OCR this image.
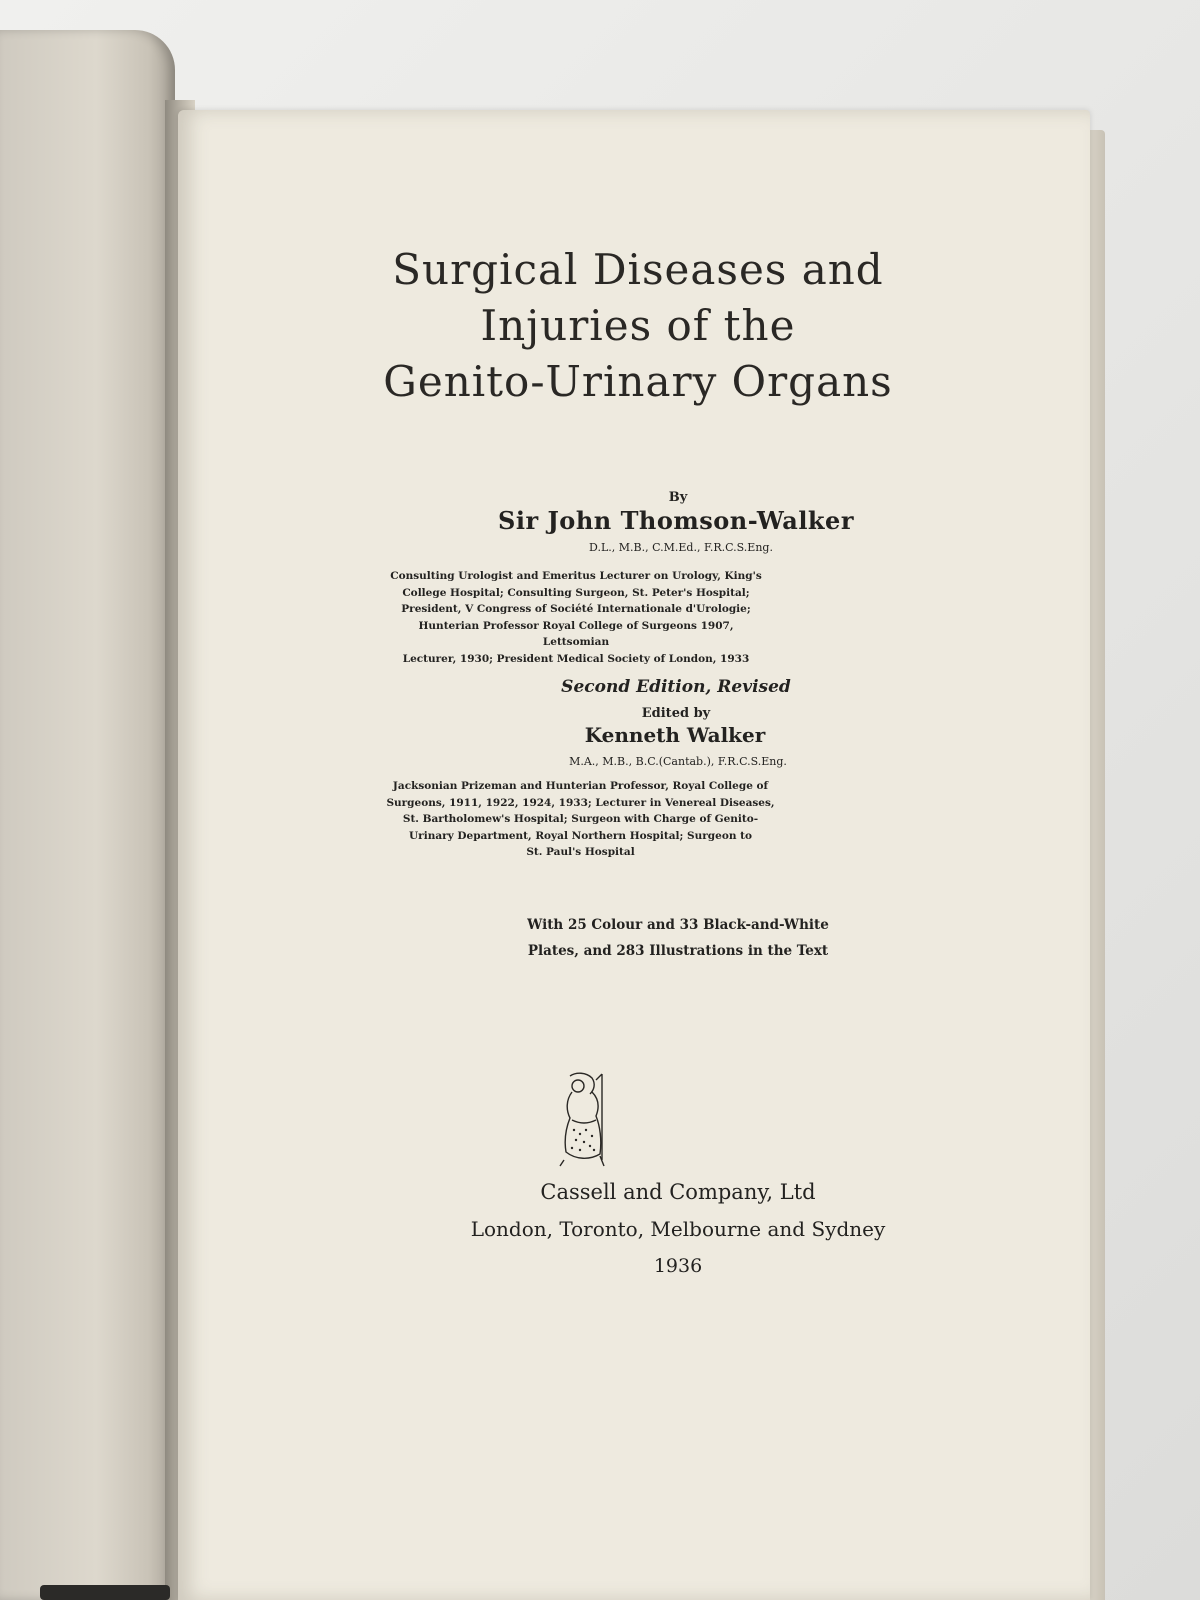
Surgical Diseases and
Injuries of the
Genito-Urinary Organs
By
Sir John Thomson-Walker
D.L., M.B., C.M.Ed., F.R.C.S.Eng.
Consulting Urologist and Emeritus Lecturer on Urology, King's
College Hospital; Consulting Surgeon, St. Peter's Hospital;
President, V Congress of Société Internationale d'Urologie;
Hunterian Professor Royal College of Surgeons 1907, Lettsomian
Lecturer, 1930; President Medical Society of London, 1933
Second Edition, Revised
Edited by
Kenneth Walker
M.A., M.B., B.C.(Cantab.), F.R.C.S.Eng.
Jacksonian Prizeman and Hunterian Professor, Royal College of
Surgeons, 1911, 1922, 1924, 1933; Lecturer in Venereal Diseases,
St. Bartholomew's Hospital; Surgeon with Charge of Genito-
Urinary Department, Royal Northern Hospital; Surgeon to
St. Paul's Hospital
With 25 Colour and 33 Black-and-White
Plates, and 283 Illustrations in the Text
Cassell and Company, Ltd
London, Toronto, Melbourne and Sydney
1936
